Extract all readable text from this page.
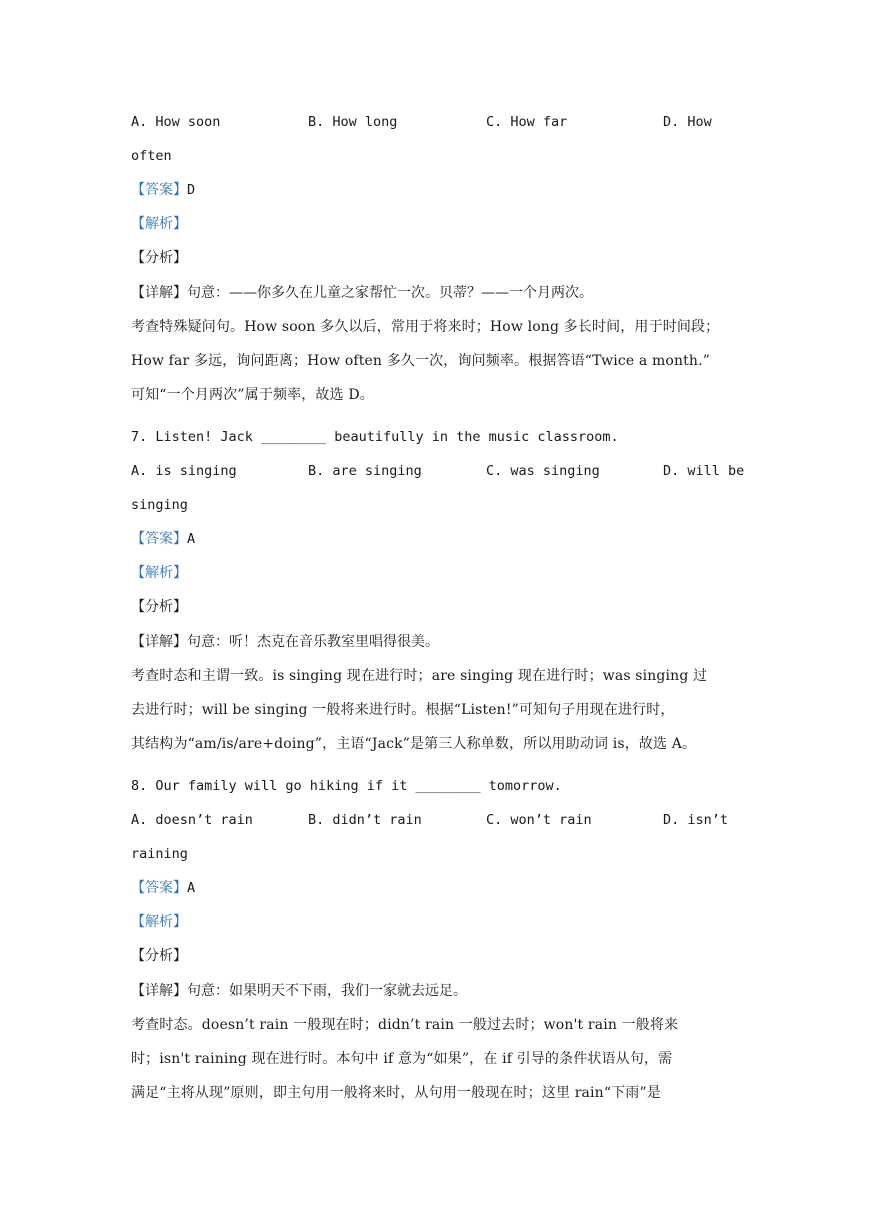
A. How soon	B. How long	C. How far	D. How
often
【答案】D
【解析】
【分析】
【详解】句意：——你多久在儿童之家帮忙一次。贝蒂？——一个月两次。
考查特殊疑问句。How soon 多久以后，常用于将来时；How long 多长时间，用于时间段；
How far 多远，询问距离；How often 多久一次，询问频率。根据答语“Twice a month.”
可知“一个月两次”属于频率，故选 D。
7. Listen! Jack ________ beautifully in the music classroom.
A. is singing	B. are singing	C. was singing	D. will be
singing
【答案】A
【解析】
【分析】
【详解】句意：听！杰克在音乐教室里唱得很美。
考查时态和主谓一致。is singing 现在进行时；are singing 现在进行时；was singing 过
去进行时；will be singing 一般将来进行时。根据“Listen!”可知句子用现在进行时，
其结构为“am/is/are+doing”，主语“Jack”是第三人称单数，所以用助动词 is，故选 A。
8. Our family will go hiking if it ________ tomorrow.
A. doesn’t rain	B. didn’t rain	C. won’t rain	D. isn’t
raining
【答案】A
【解析】
【分析】
【详解】句意：如果明天不下雨，我们一家就去远足。
考查时态。doesn’t rain 一般现在时；didn’t rain 一般过去时；won't rain 一般将来
时；isn't raining 现在进行时。本句中 if 意为“如果”，在 if 引导的条件状语从句，需
满足“主将从现”原则，即主句用一般将来时，从句用一般现在时；这里 rain“下雨”是
